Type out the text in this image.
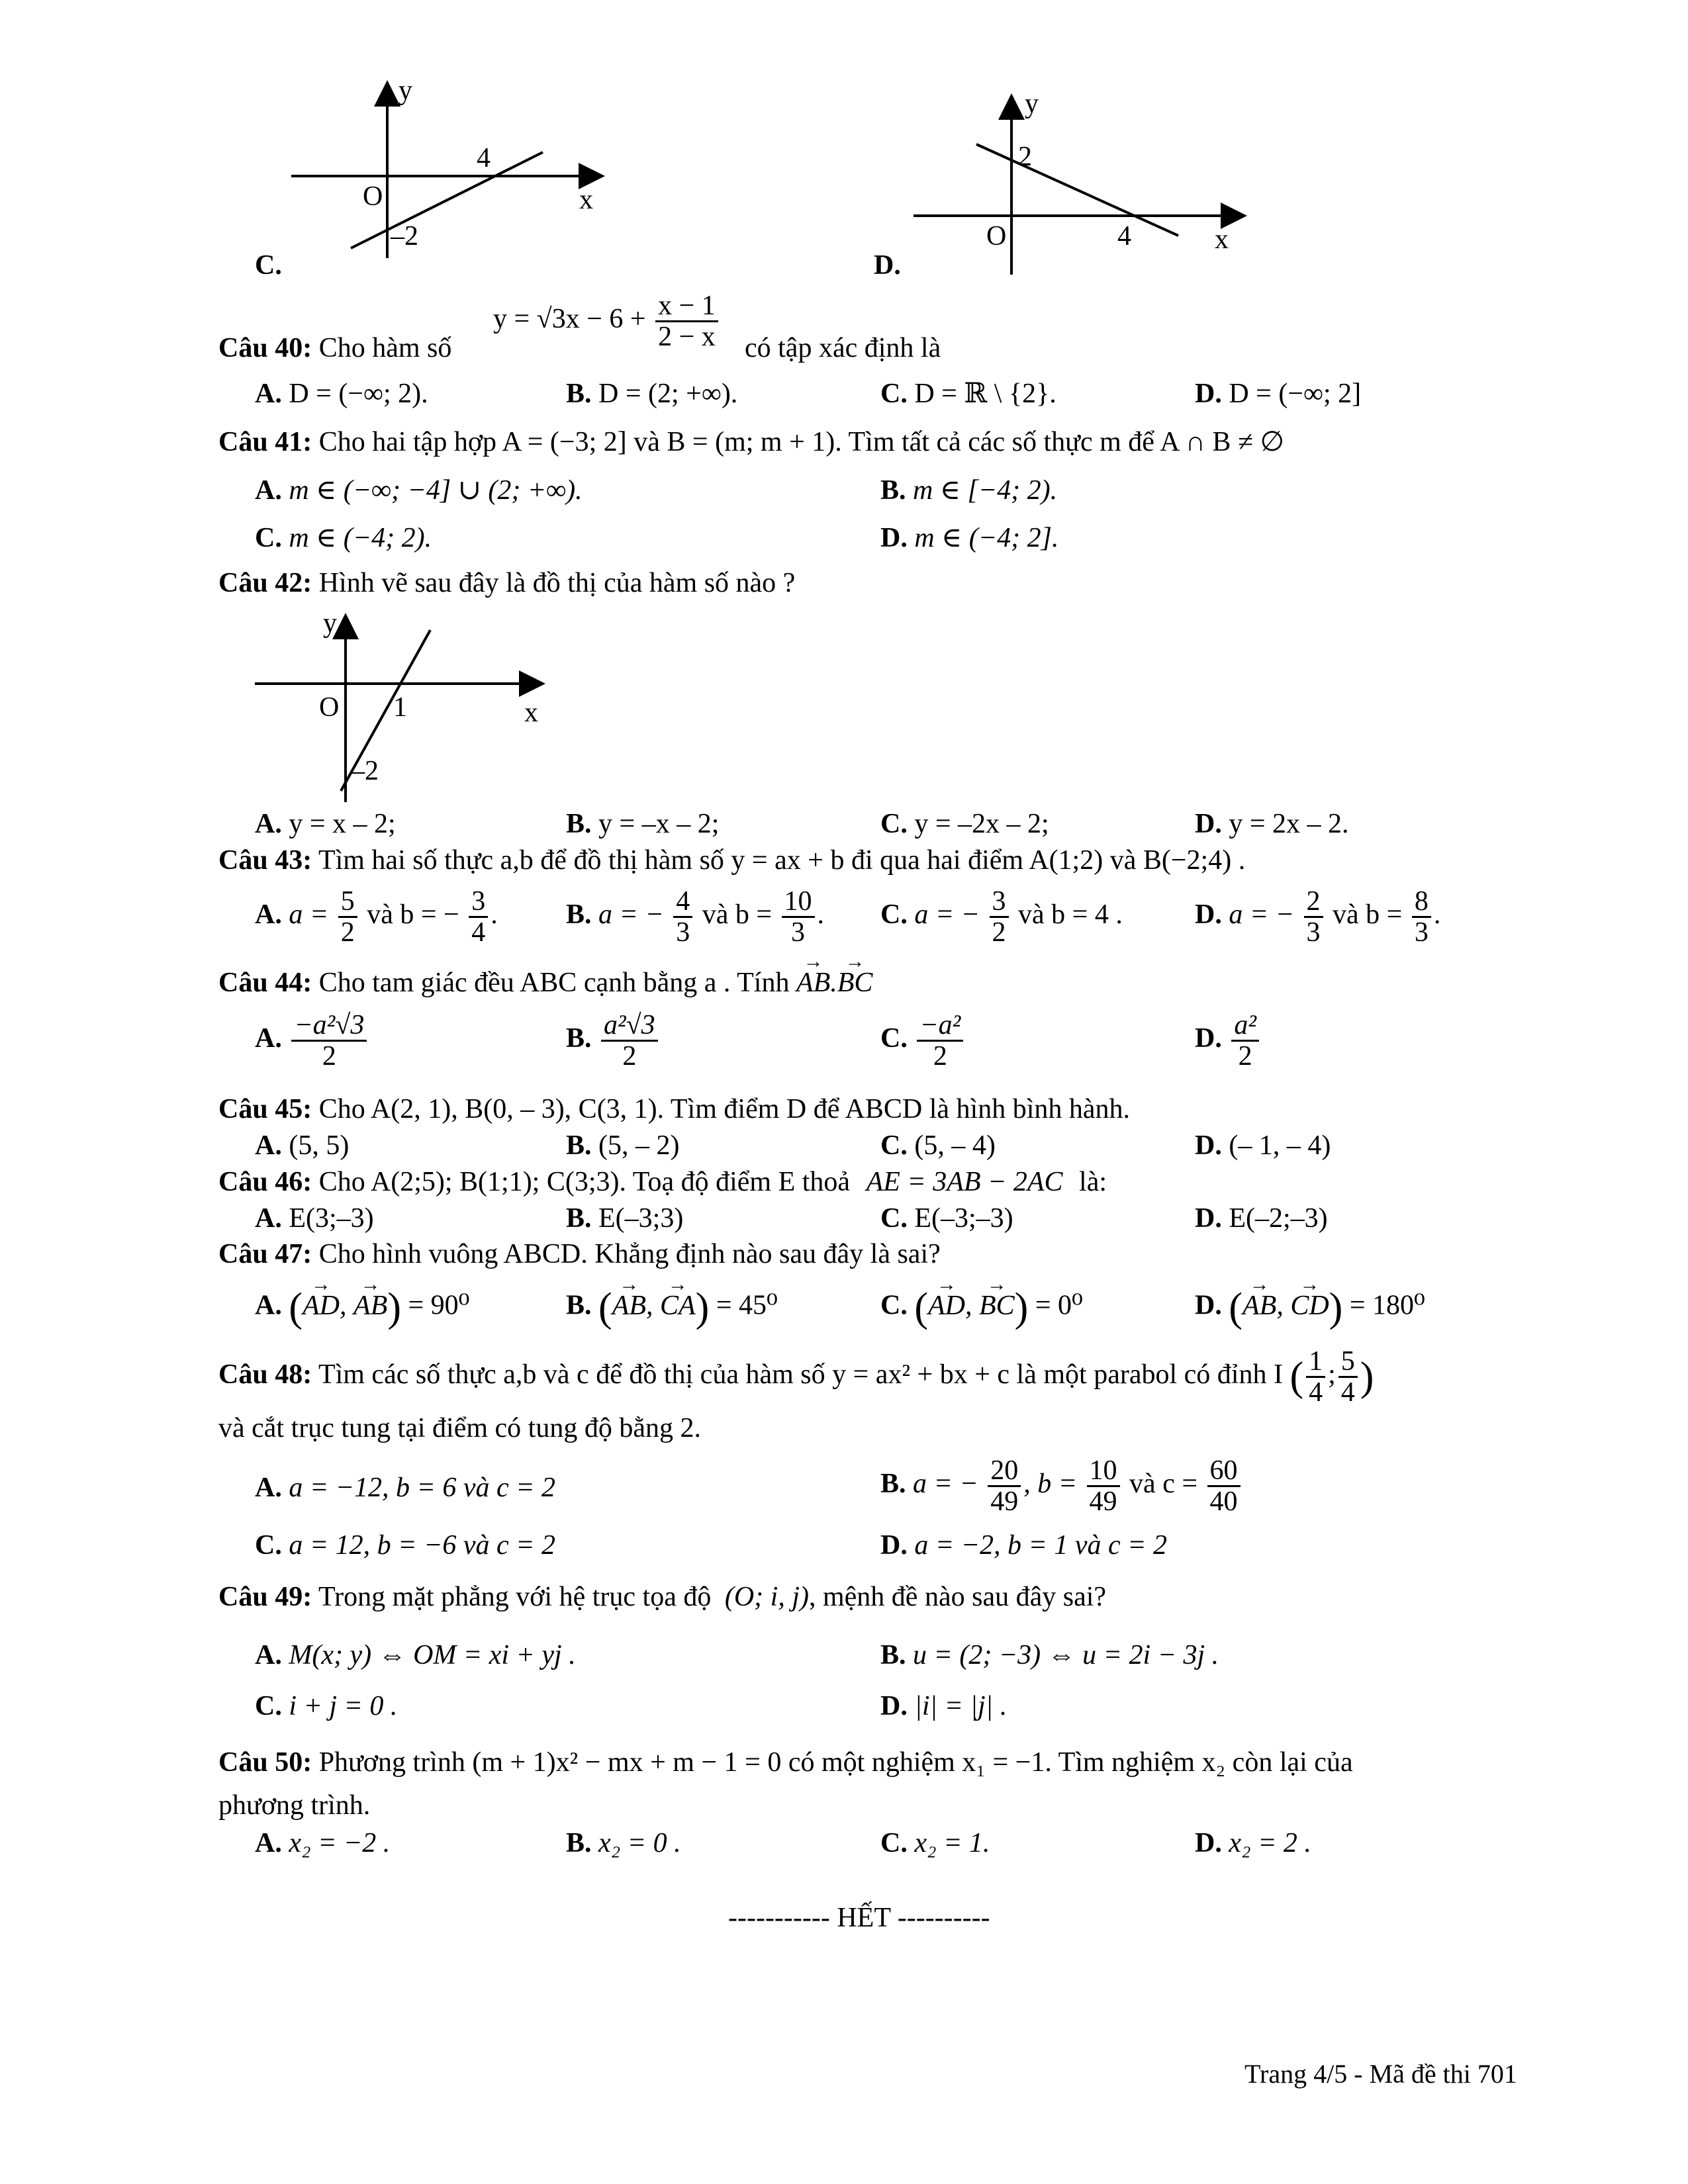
C.
y
x
O
4
–2
D.
y
x
O	4
2
$y = √3x - 6 + \frac{x - 1}{2 - x}$
Câu 40: Cho hàm số	có tập xác định là
A. D = (−∞; 2).	B. D = (2; +∞).	C. D = ℝ \ {2}.	D. D = (−∞; 2]
Câu 41: Cho hai tập hợp A = (−3; 2] và B = (m; m + 1). Tìm tất cả các số thực m để A ∩ B ≠ ∅
A. m ∈ (−∞; −4] ∪ (2; +∞).	B. m ∈ [−4; 2).
C. m ∈ (−4; 2).	D. m ∈ (−4; 2].
Câu 42: Hình vẽ sau đây là đồ thị của hàm số nào ?
y
x
O 1
–2
A. y = x – 2;	B. y = –x – 2;	C. y = –2x – 2;	D. y = 2x – 2.
Câu 43: Tìm hai số thực a,b để đồ thị hàm số y = ax + b đi qua hai điểm A(1;2) và B(−2;4) .
A. $a = \frac{5}{2}$ và b = − $\frac{3}{4}$ . B. a = − $\frac{4}{3}$ và $b = \frac{10}{3}$ . C. a = − $\frac{3}{2}$ và b = 4 .	D. a = − $\frac{2}{3}$ và $b = \frac{8}{3}$ .
Câu 44: Cho tam giác đều ABC cạnh bằng a . Tính → AB.→ BC
A. $\frac{\text{−a²√3}}{2}$	B. $\frac{\text{a²√3}}{2}$	C. $\frac{\text{−a²}}{2}$	D. $\frac{\text{a²}}{2}$
Câu 45: Cho A(2, 1), B(0, – 3), C(3, 1). Tìm điểm D để ABCD là hình bình hành.
A. (5, 5)	B. (5, – 2)	C. (5, – 4)	D. (– 1, – 4)
Câu 46: Cho A(2;5); B(1;1); C(3;3). Toạ độ điểm E thoả AE = 3AB − 2AC là:
A. E(3;–3)	B. E(–3;3)	C. E(–3;–3)	D. E(–2;–3)
Câu 47: Cho hình vuông ABCD. Khẳng định nào sau đây là sai?
A. (→ AD, → AB) = 90⁰	B. (→ AB, → CA) = 45⁰	C. (→ AD, → BC) = 0⁰	D. (→ AB, → CD) = 180⁰
Câu 48: Tìm các số thực a,b và c để đồ thị của hàm số y = ax² + bx + c là một parabol có đỉnh I ( $\frac{1}{4}$ ; $\frac{5}{4}$ )
và cắt trục tung tại điểm có tung độ bằng 2.
A. a = −12, b = 6 và c = 2	B. a = − $\frac{20}{49}$ , $b = \frac{10}{49}$ và $c = \frac{60}{40}$
C. a = 12, b = −6 và c = 2	D. a = −2, b = 1 và c = 2
Câu 49: Trong mặt phẳng với hệ trục tọa độ (O; i, j), mệnh đề nào sau đây sai?
A. M(x; y) ⇔ OM = xi + yj .	B. u = (2; −3) ⇔ u = 2i − 3j .
C. i + j = 0 .	D. |i| = |j| .
Câu 50: Phương trình (m + 1)x² − mx + m − 1 = 0 có một nghiệm x₁ = −1. Tìm nghiệm x₂ còn lại của
phương trình.
A. x₂ = −2 .	B. x₂ = 0 .	C. x₂ = 1.	D. x₂ = 2 .
----------- HẾT ----------
Trang 4/5 - Mã đề thi 701
